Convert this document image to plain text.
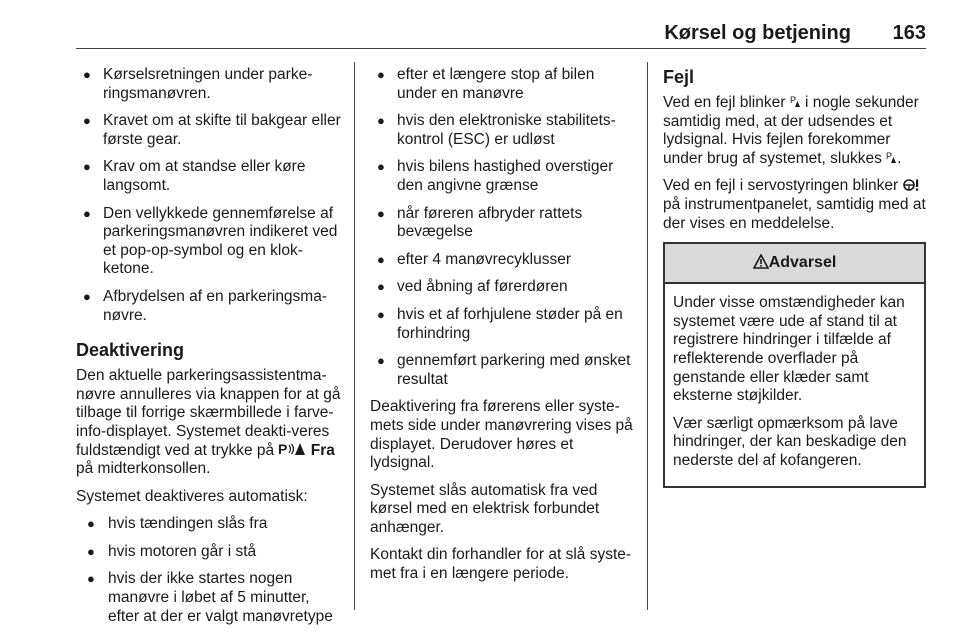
Kørsel og betjening 163
● Kørselsretningen under parke-ringsmanøvren.
● Kravet om at skifte til bakgear eller første gear.
● Krav om at standse eller køre langsomt.
● Den vellykkede gennemførelse af parkeringsmanøvren indikeret ved et pop-op-symbol og en klok-ketone.
● Afbrydelsen af en parkeringsma-nøvre.
Deaktivering

Den aktuelle parkeringsassistentma-nøvre annulleres via knappen for at gå tilbage til forrige skærmbillede i farve-info-displayet. Systemet deakti-veres fuldstændigt ved at trykke på P Fra på midterkonsollen.

Systemet deaktiveres automatisk:

● hvis tændingen slås fra
● hvis motoren går i stå
● hvis der ikke startes nogen manøvre i løbet af 5 minutter, efter at der er valgt manøvretype
● efter et længere stop af bilen under en manøvre
● hvis den elektroniske stabilitets-kontrol (ESC) er udløst
● hvis bilens hastighed overstiger den angivne grænse
● når føreren afbryder rattets bevægelse
● efter 4 manøvrecyklusser
● ved åbning af førerdøren
● hvis et af forhjulene støder på en forhindring
● gennemført parkering med ønsket resultat

Deaktivering fra førerens eller syste-mets side under manøvrering vises på displayet. Derudover høres et lydsignal.

Systemet slås automatisk fra ved kørsel med en elektrisk forbundet anhænger.

Kontakt din forhandler for at slå syste-met fra i en længere periode.

Fejl

Ved en fejl blinker P i nogle sekunder samtidig med, at der udsendes et lydsignal. Hvis fejlen forekommer under brug af systemet, slukkes P .

Ved en fejl i servostyringen blinker  på instrumentpanelet, samtidig med at der vises en meddelelse.

Advarsel

Under visse omstændigheder kan systemet være ude af stand til at registrere hindringer i tilfælde af reflekterende overflader på genstande eller klæder samt eksterne støjkilder.

Vær særligt opmærksom på lave hindringer, der kan beskadige den nederste del af kofangeren.
